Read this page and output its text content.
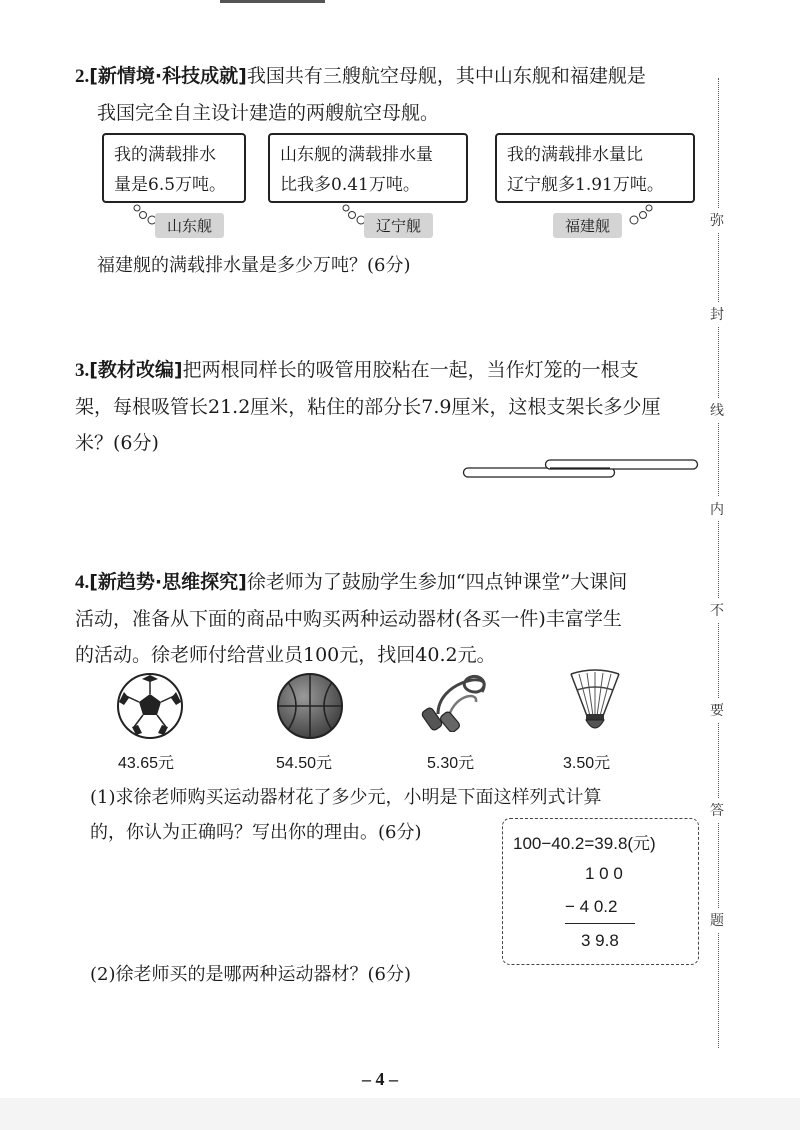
弥
封
线
内
不
要
答
题
2.[新情境·科技成就]我国共有三艘航空母舰，其中山东舰和福建舰是
我国完全自主设计建造的两艘航空母舰。
我的满载排水
量是6.5万吨。
山东舰的满载排水量
比我多0.41万吨。
我的满载排水量比
辽宁舰多1.91万吨。
山东舰	辽宁舰	福建舰
福建舰的满载排水量是多少万吨？(6分)
3.[教材改编]把两根同样长的吸管用胶粘在一起，当作灯笼的一根支
架，每根吸管长21.2厘米，粘住的部分长7.9厘米，这根支架长多少厘
米？(6分)
4.[新趋势·思维探究]徐老师为了鼓励学生参加“四点钟课堂”大课间
活动，准备从下面的商品中购买两种运动器材(各买一件)丰富学生
的活动。徐老师付给营业员100元，找回40.2元。
43.65元	54.50元	5.30元	3.50元
(1)求徐老师购买运动器材花了多少元，小明是下面这样列式计算
的，你认为正确吗？写出你的理由。(6分)
100−40.2=39.8(元)
1 0 0
− 4 0.2
3 9.8
(2)徐老师买的是哪两种运动器材？(6分)
– 4 –
